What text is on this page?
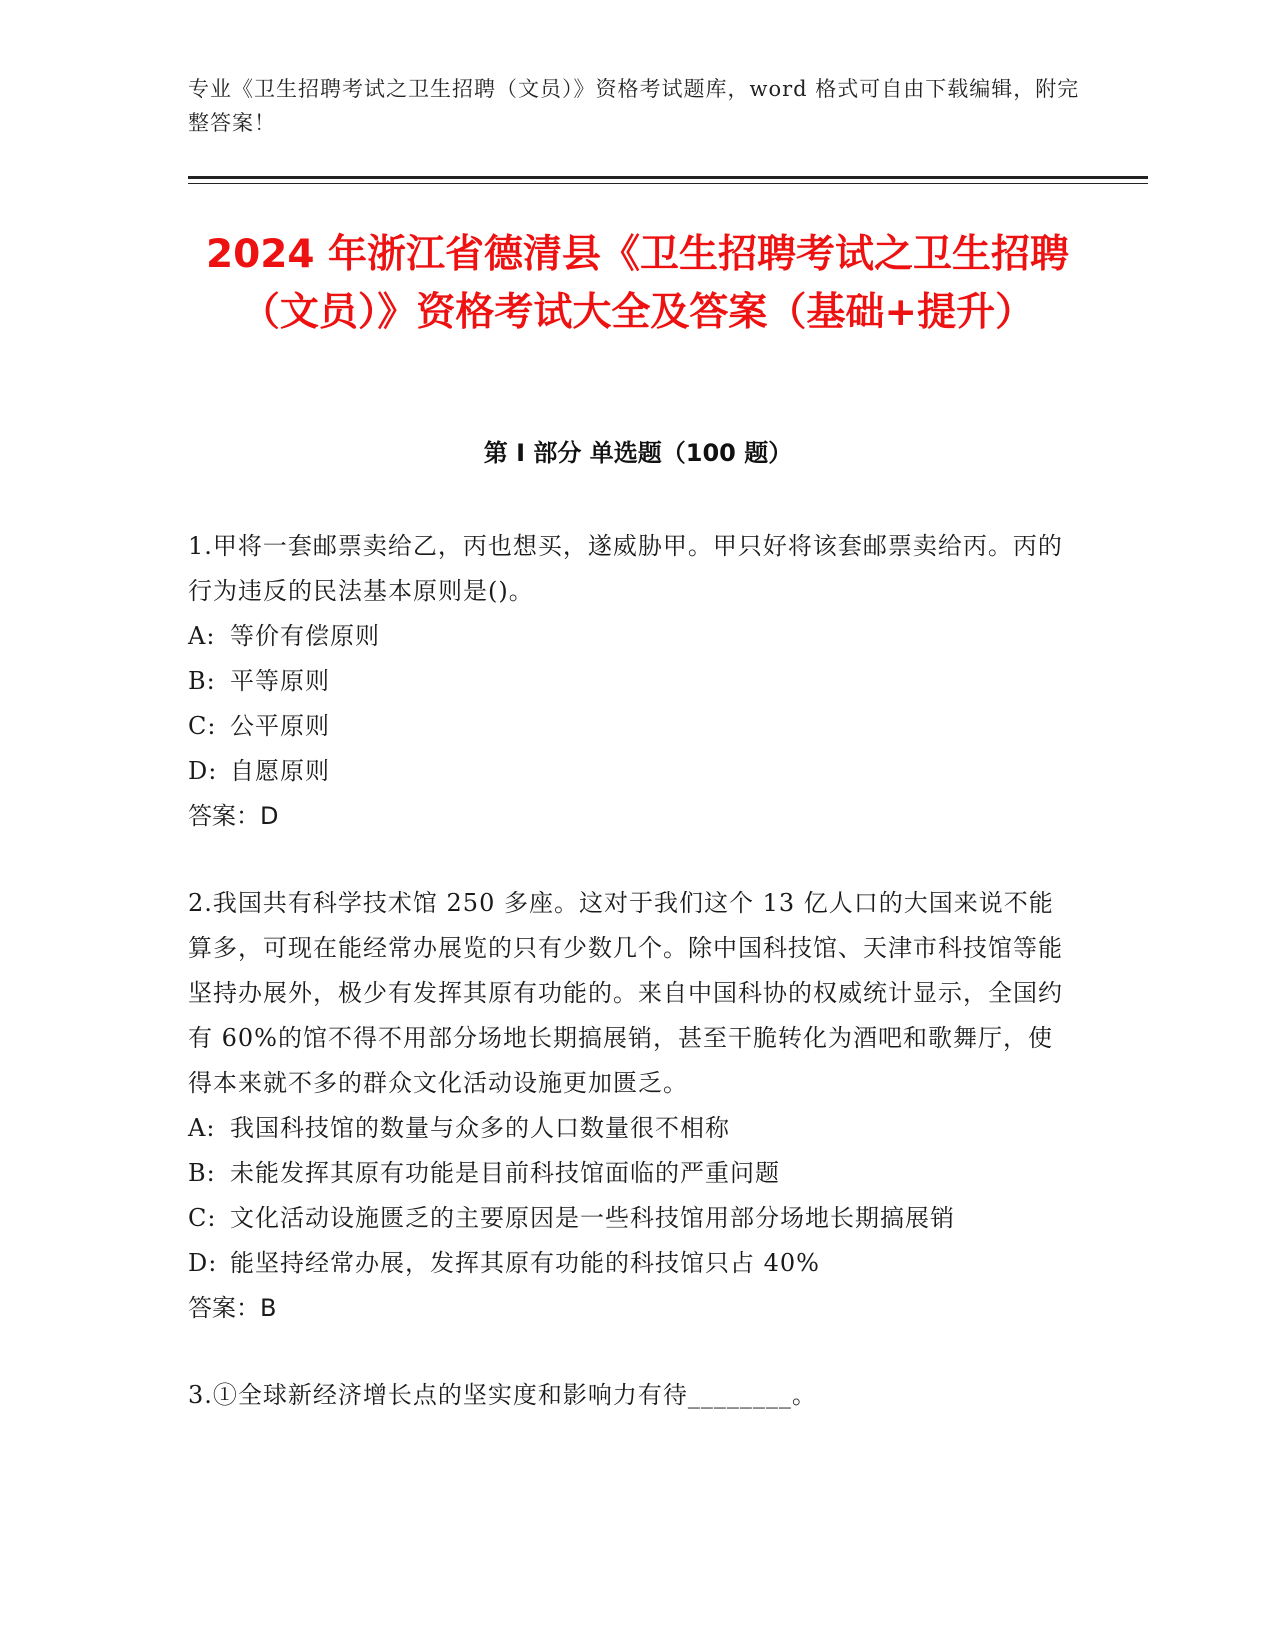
专业《卫生招聘考试之卫生招聘（文员）》资格考试题库，word 格式可自由下载编辑，附完整答案！
2024 年浙江省德清县《卫生招聘考试之卫生招聘（文员）》资格考试大全及答案（基础+提升）
第 I 部分 单选题（100 题）

1.甲将一套邮票卖给乙，丙也想买，遂威胁甲。甲只好将该套邮票卖给丙。丙的行为违反的民法基本原则是()。

A: 等价有偿原则

B: 平等原则

C: 公平原则

D: 自愿原则

答案：D

2.我国共有科学技术馆 250 多座。这对于我们这个 13 亿人口的大国来说不能算多，可现在能经常办展览的只有少数几个。除中国科技馆、天津市科技馆等能坚持办展外，极少有发挥其原有功能的。来自中国科协的权威统计显示，全国约有 60%的馆不得不用部分场地长期搞展销，甚至干脆转化为酒吧和歌舞厅，使得本来就不多的群众文化活动设施更加匮乏。

A: 我国科技馆的数量与众多的人口数量很不相称

B: 未能发挥其原有功能是目前科技馆面临的严重问题

C: 文化活动设施匮乏的主要原因是一些科技馆用部分场地长期搞展销

D: 能坚持经常办展，发挥其原有功能的科技馆只占 40%

答案：B

3.①全球新经济增长点的坚实度和影响力有待________。
